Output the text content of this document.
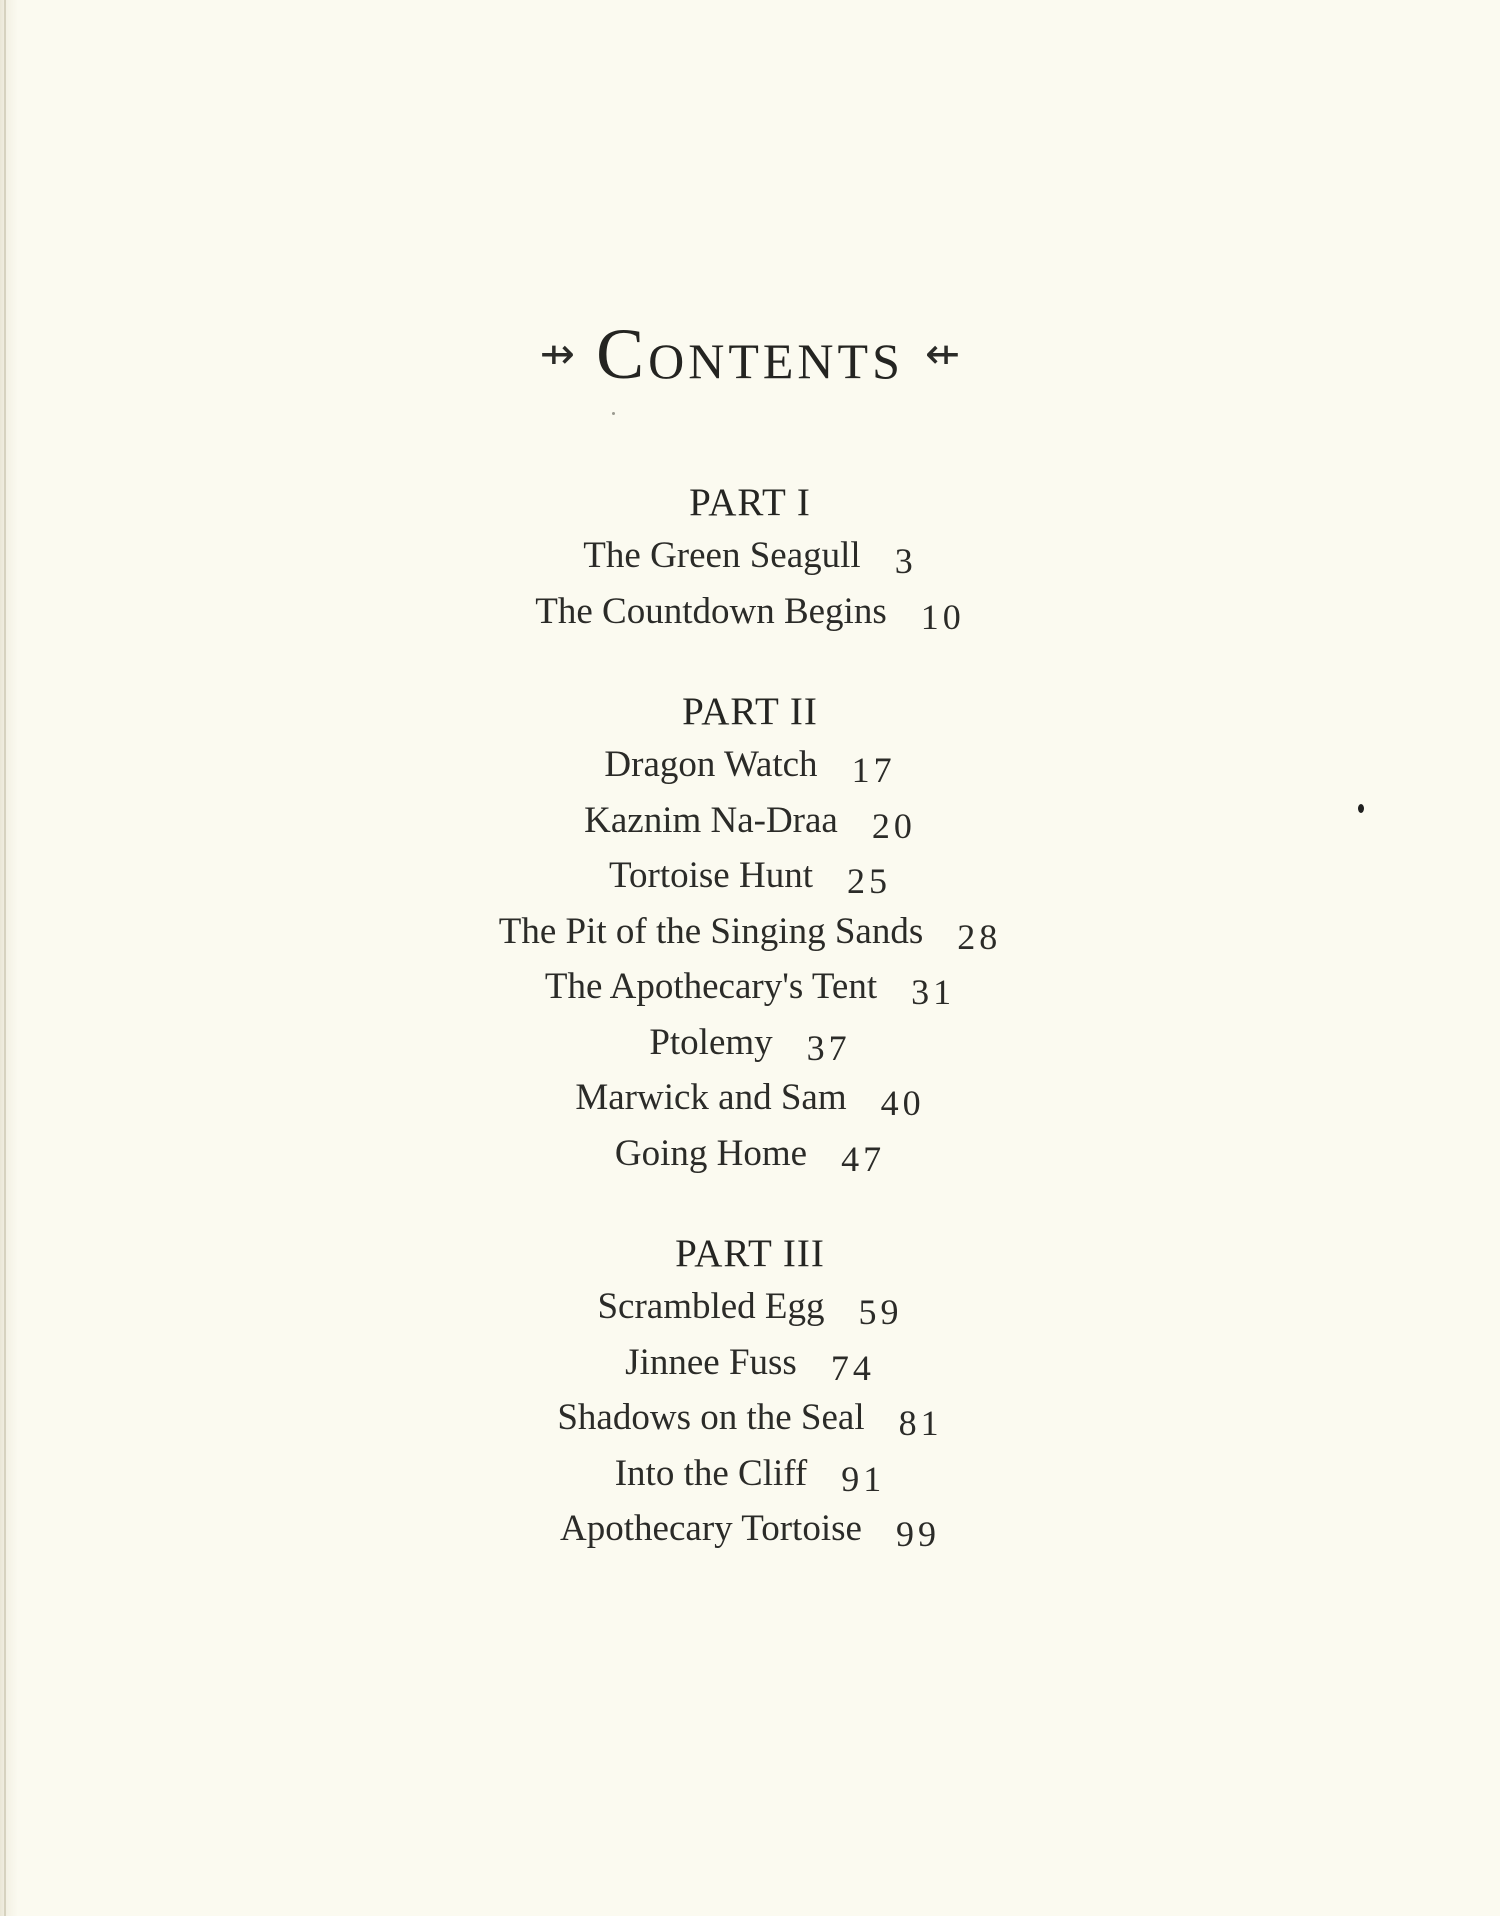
⇸ Contents ⇷
PART I
The Green Seagull 3
The Countdown Begins 10
PART II
Dragon Watch 17
Kaznim Na-Draa 20
Tortoise Hunt 25
The Pit of the Singing Sands 28
The Apothecary's Tent 31
Ptolemy 37
Marwick and Sam 40
Going Home 47
PART III
Scrambled Egg 59
Jinnee Fuss 74
Shadows on the Seal 81
Into the Cliff 91
Apothecary Tortoise 99
